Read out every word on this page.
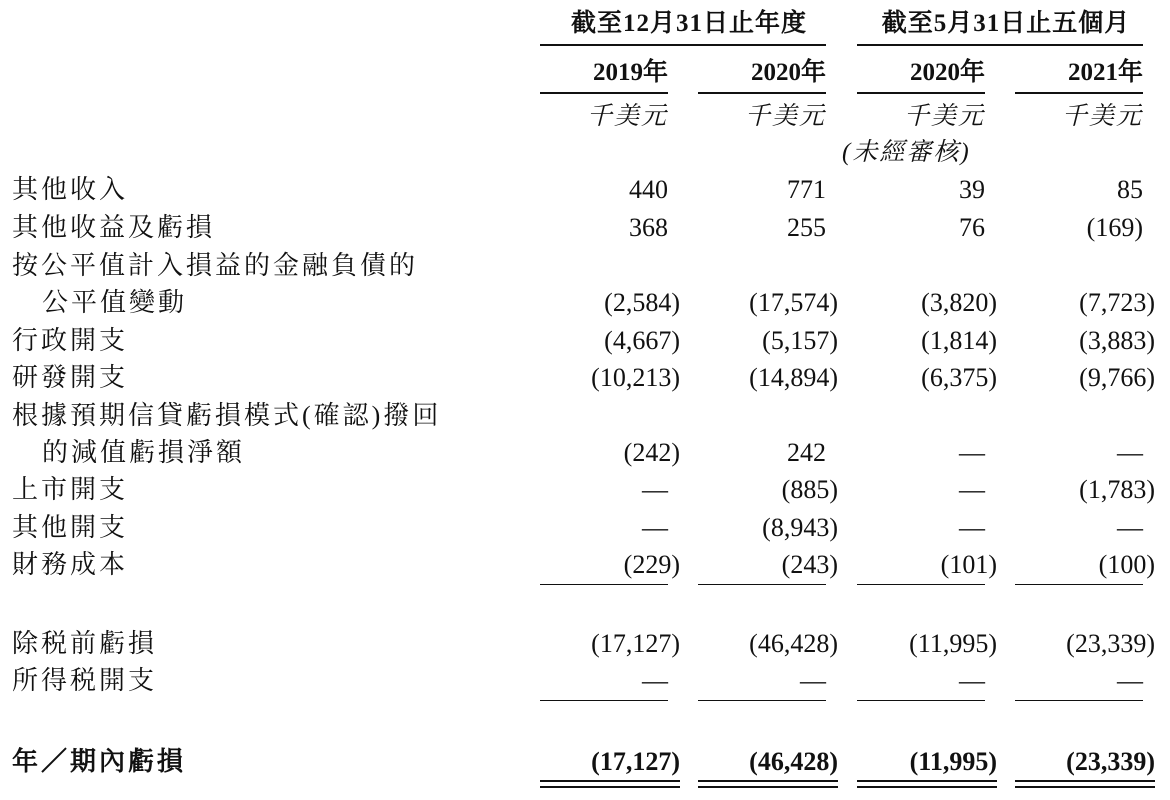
截至12月31日止年度	截至5月31日止五個月
2019年	2020年	2020年	2021年
千美元	千美元	千美元	千美元
(未經審核)
其他收入	440	771	39	85
其他收益及虧損	368	255	76	(169)
按公平值計入損益的金融負債的
公平值變動	(2,584)	(17,574)	(3,820)	(7,723)
行政開支	(4,667)	(5,157)	(1,814)	(3,883)
研發開支	(10,213)	(14,894)	(6,375)	(9,766)
根據預期信貸虧損模式(確認)撥回
的減值虧損淨額	(242)	242	—	—
上市開支	—	(885)	—	(1,783)
其他開支	—	(8,943)	—	—
財務成本	(229)	(243)	(101)	(100)
除税前虧損	(17,127)	(46,428)	(11,995)	(23,339)
所得税開支	—	—	—	—
年／期內虧損	(17,127)	(46,428)	(11,995)	(23,339)
